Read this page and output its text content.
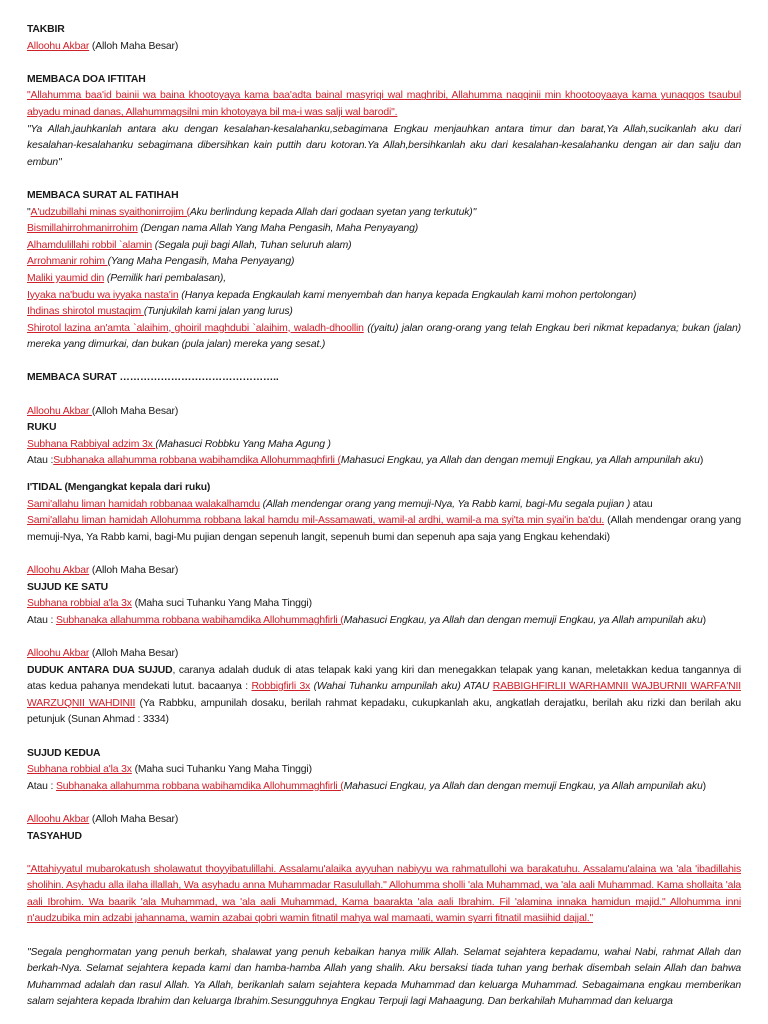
TAKBIR

Alloohu Akbar (Alloh Maha Besar)

MEMBACA DOA IFTITAH

"Allahumma baa'id bainii wa baina khootoyaya kama baa'adta bainal masyriqi wal maghribi, Allahumma naqqinii min khootooyaaya kama yunaqqos tsaubul abyadu minad danas, Allahummagsilni min khotoyaya bil ma-i was salji wal barodi".

"Ya Allah,jauhkanlah antara aku dengan kesalahan-kesalahanku,sebagimana Engkau menjauhkan antara timur dan barat,Ya Allah,sucikanlah aku dari kesalahan-kesalahanku sebagimana dibersihkan kain puttih daru kotoran.Ya Allah,bersihkanlah aku dari kesalahan-kesalahanku dengan air dan salju dan embun"

MEMBACA SURAT AL FATIHAH

"A'udzubillahi minas syaithonirrojim (Aku berlindung kepada Allah dari godaan syetan yang terkutuk)"

Bismillahirrohmanirrohim (Dengan nama Allah Yang Maha Pengasih, Maha Penyayang)

Alhamdulillahi robbil `alamin (Segala puji bagi Allah, Tuhan seluruh alam)

Arrohmanir rohim (Yang Maha Pengasih, Maha Penyayang)

Maliki yaumid din (Pemilik hari pembalasan),

Iyyaka na'budu wa iyyaka nasta'in (Hanya kepada Engkaulah kami menyembah dan hanya kepada Engkaulah kami mohon pertolongan)

Ihdinas shirotol mustaqim (Tunjukilah kami jalan yang lurus)

Shirotol lazina an'amta `alaihim, ghoiril maghdubi `alaihim, waladh-dhoollin ((yaitu) jalan orang-orang yang telah Engkau beri nikmat kepadanya; bukan (jalan) mereka yang dimurkai, dan bukan (pula jalan) mereka yang sesat.)

MEMBACA SURAT ………………………………………..

Alloohu Akbar (Alloh Maha Besar)

RUKU

Subhana Rabbiyal adzim 3x (Mahasuci Robbku Yang Maha Agung )

Atau :Subhanaka allahumma robbana wabihamdika Allohummaghfirli (Mahasuci Engkau, ya Allah dan dengan memuji Engkau, ya Allah ampunilah aku)

I'TIDAL (Mengangkat kepala dari ruku)

Sami'allahu liman hamidah robbanaa walakalhamdu (Allah mendengar orang yang memuji-Nya, Ya Rabb kami, bagi-Mu segala pujian ) atau

Sami'allahu liman hamidah Allohumma robbana lakal hamdu mil-Assamawati, wamil-al ardhi, wamil-a ma syi'ta min syai'in ba'du. (Allah mendengar orang yang memuji-Nya, Ya Rabb kami, bagi-Mu pujian dengan sepenuh langit, sepenuh bumi dan sepenuh apa saja yang Engkau kehendaki)

Alloohu Akbar (Alloh Maha Besar)

SUJUD KE SATU

Subhana robbial a'la 3x (Maha suci Tuhanku Yang Maha Tinggi)

Atau : Subhanaka allahumma robbana wabihamdika Allohummaghfirli (Mahasuci Engkau, ya Allah dan dengan memuji Engkau, ya Allah ampunilah aku)

Alloohu Akbar (Alloh Maha Besar)

DUDUK ANTARA DUA SUJUD, caranya adalah duduk di atas telapak kaki yang kiri dan menegakkan telapak yang kanan, meletakkan kedua tangannya di atas kedua pahanya mendekati lutut. bacaanya : Robbigfirli 3x (Wahai Tuhanku ampunilah aku) ATAU RABBIGHFIRLII WARHAMNII WAJBURNII WARFA'NII WARZUQNII WAHDINII (Ya Rabbku, ampunilah dosaku, berilah rahmat kepadaku, cukupkanlah aku, angkatlah derajatku, berilah aku rizki dan berilah aku petunjuk (Sunan Ahmad : 3334)

SUJUD KEDUA

Subhana robbial a'la 3x (Maha suci Tuhanku Yang Maha Tinggi)

Atau : Subhanaka allahumma robbana wabihamdika Allohummaghfirli (Mahasuci Engkau, ya Allah dan dengan memuji Engkau, ya Allah ampunilah aku)

Alloohu Akbar (Alloh Maha Besar)

TASYAHUD

"Attahiyyatul mubarokatush sholawatut thoyyibatulillahi. Assalamu'alaika ayyuhan nabiyyu wa rahmatullohi wa barakatuhu. Assalamu'alaina wa 'ala 'ibadillahis sholihin. Asyhadu alla ilaha illallah, Wa asyhadu anna Muhammadar Rasulullah." Allohumma sholli 'ala Muhammad, wa 'ala aali Muhammad. Kama shollaita 'ala aali Ibrohim. Wa baarik 'ala Muhammad, wa 'ala aali Muhammad, Kama baarakta 'ala aali Ibrahim. Fil 'alamina innaka hamidun majid." Allohumma inni n'audzubika min adzabi jahannama, wamin azabai qobri wamin fitnatil mahya wal mamaati, wamin syarri fitnatil masiihid dajjal."

"Segala penghormatan yang penuh berkah, shalawat yang penuh kebaikan hanya milik Allah. Selamat sejahtera kepadamu, wahai Nabi, rahmat Allah dan berkah-Nya. Selamat sejahtera kepada kami dan hamba-hamba Allah yang shalih. Aku bersaksi tiada tuhan yang berhak disembah selain Allah dan bahwa Muhammad adalah dan rasul Allah. Ya Allah, berikanlah salam sejahtera kepada Muhammad dan keluarga Muhammad. Sebagaimana engkau memberikan salam sejahtera kepada Ibrahim dan keluarga Ibrahim.Sesungguhnya Engkau Terpuji lagi Mahaagung. Dan berkahilah Muhammad dan keluarga
